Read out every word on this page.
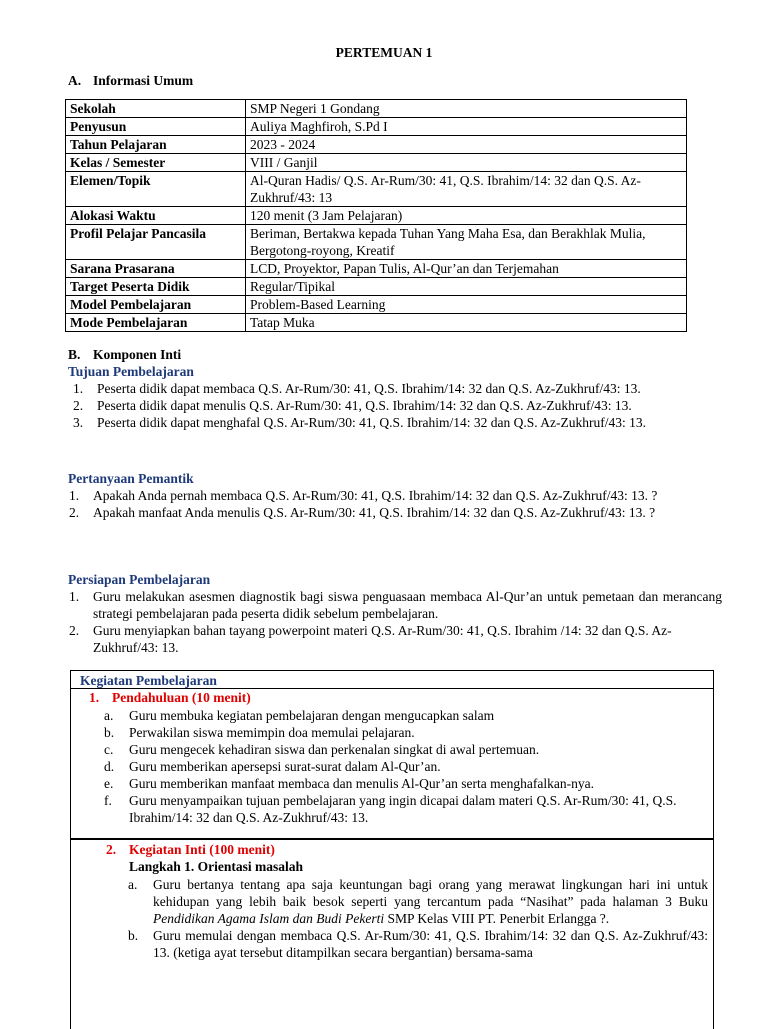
PERTEMUAN 1
A. Informasi Umum
Sekolah	SMP Negeri 1 Gondang
Penyusun	Auliya Maghfiroh, S.Pd I
Tahun Pelajaran	2023 - 2024
Kelas / Semester	VIII / Ganjil
Elemen/Topik	Al-Quran Hadis/ Q.S. Ar-Rum/30: 41, Q.S. Ibrahim/14: 32 dan Q.S. Az-Zukhruf/43: 13
Alokasi Waktu	120 menit (3 Jam Pelajaran)
Profil Pelajar Pancasila	Beriman, Bertakwa kepada Tuhan Yang Maha Esa, dan Berakhlak Mulia, Bergotong-royong, Kreatif
Sarana Prasarana	LCD, Proyektor, Papan Tulis, Al-Qur’an dan Terjemahan
Target Peserta Didik	Regular/Tipikal
Model Pembelajaran	Problem-Based Learning
Mode Pembelajaran	Tatap Muka
B. Komponen Inti
Tujuan Pembelajaran
1. Peserta didik dapat membaca Q.S. Ar-Rum/30: 41, Q.S. Ibrahim/14: 32 dan Q.S. Az-Zukhruf/43: 13.
2. Peserta didik dapat menulis Q.S. Ar-Rum/30: 41, Q.S. Ibrahim/14: 32 dan Q.S. Az-Zukhruf/43: 13.
3. Peserta didik dapat menghafal Q.S. Ar-Rum/30: 41, Q.S. Ibrahim/14: 32 dan Q.S. Az-Zukhruf/43: 13.
Pertanyaan Pemantik
1. Apakah Anda pernah membaca Q.S. Ar-Rum/30: 41, Q.S. Ibrahim/14: 32 dan Q.S. Az-Zukhruf/43: 13. ?
2. Apakah manfaat Anda menulis Q.S. Ar-Rum/30: 41, Q.S. Ibrahim/14: 32 dan Q.S. Az-Zukhruf/43: 13. ?
Persiapan Pembelajaran
1. Guru melakukan asesmen diagnostik bagi siswa penguasaan membaca Al-Qur’an untuk pemetaan dan merancang strategi pembelajaran pada peserta didik sebelum pembelajaran.
2. Guru menyiapkan bahan tayang powerpoint materi Q.S. Ar-Rum/30: 41, Q.S. Ibrahim /14: 32 dan Q.S. Az-Zukhruf/43: 13.
Kegiatan Pembelajaran
1. Pendahuluan (10 menit)
a. Guru membuka kegiatan pembelajaran dengan mengucapkan salam
b. Perwakilan siswa memimpin doa memulai pelajaran.
c. Guru mengecek kehadiran siswa dan perkenalan singkat di awal pertemuan.
d. Guru memberikan apersepsi surat-surat dalam Al-Qur’an.
e. Guru memberikan manfaat membaca dan menulis Al-Qur’an serta menghafalkan-nya.
f. Guru menyampaikan tujuan pembelajaran yang ingin dicapai dalam materi Q.S. Ar-Rum/30: 41, Q.S. Ibrahim/14: 32 dan Q.S. Az-Zukhruf/43: 13.
2. Kegiatan Inti (100 menit)
Langkah 1. Orientasi masalah
a. Guru bertanya tentang apa saja keuntungan bagi orang yang merawat lingkungan hari ini untuk kehidupan yang lebih baik besok seperti yang tercantum pada “Nasihat” pada halaman 3 Buku Pendidikan Agama Islam dan Budi Pekerti SMP Kelas VIII PT. Penerbit Erlangga ?.
b. Guru memulai dengan membaca Q.S. Ar-Rum/30: 41, Q.S. Ibrahim/14: 32 dan Q.S. Az-Zukhruf/43: 13. (ketiga ayat tersebut ditampilkan secara bergantian) bersama-sama
